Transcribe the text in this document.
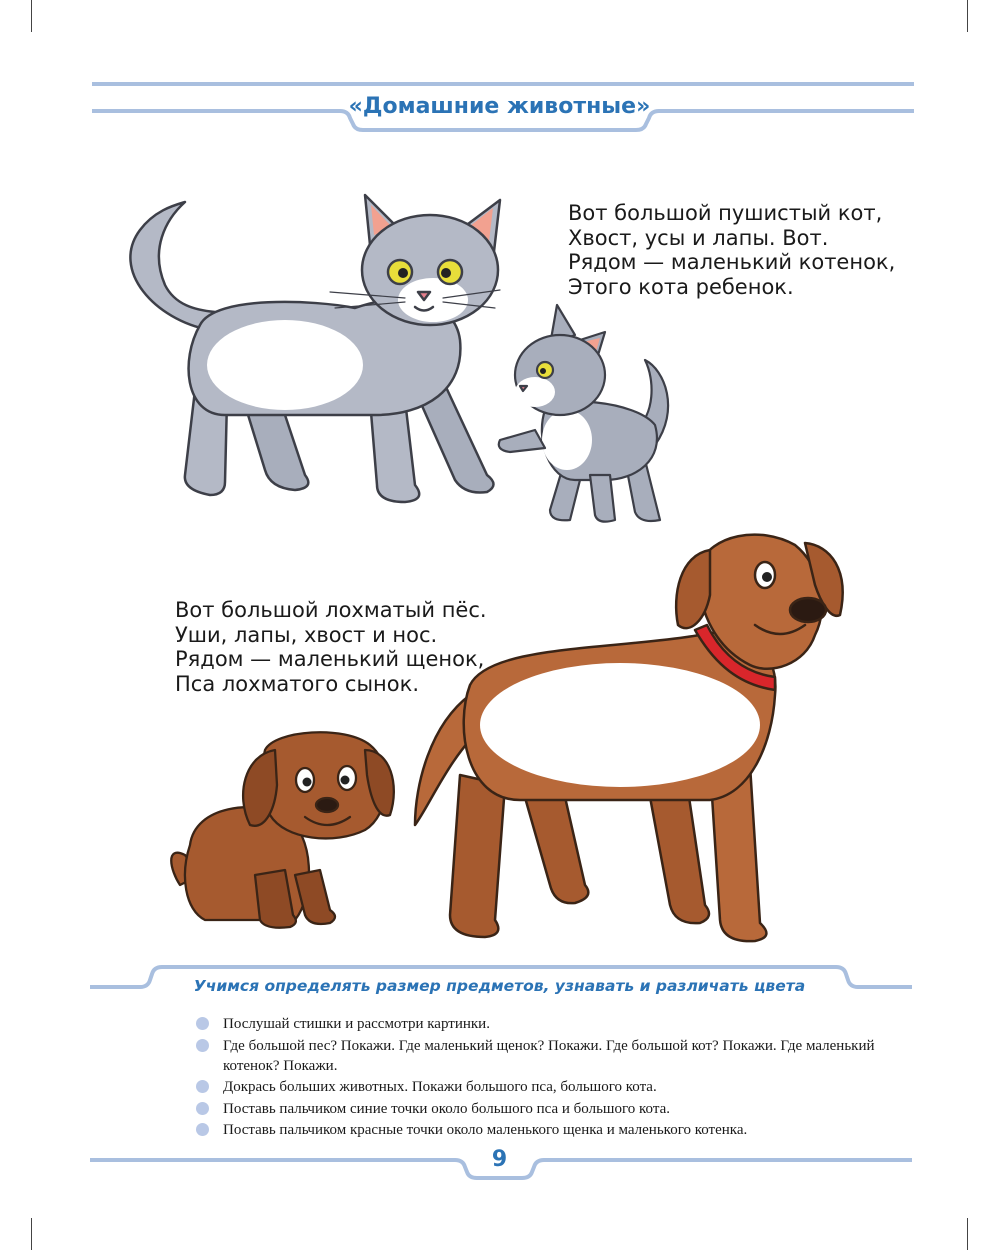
«Домашние животные»
Вот большой пушистый кот,
Хвост, усы и лапы. Вот.
Рядом — маленький котенок,
Этого кота ребенок.
Вот большой лохматый пёс.
Уши, лапы, хвост и нос.
Рядом — маленький щенок,
Пса лохматого сынок.
Учимся определять размер предметов, узнавать и различать цвета
Послушай стишки и рассмотри картинки.
Где большой пес? Покажи. Где маленький щенок? Покажи. Где большой кот? Покажи. Где маленький котенок? Покажи.
Докрась больших животных. Покажи большого пса, большого кота.
Поставь пальчиком синие точки около большого пса и большого кота.
Поставь пальчиком красные точки около маленького щенка и маленького котенка.
9
